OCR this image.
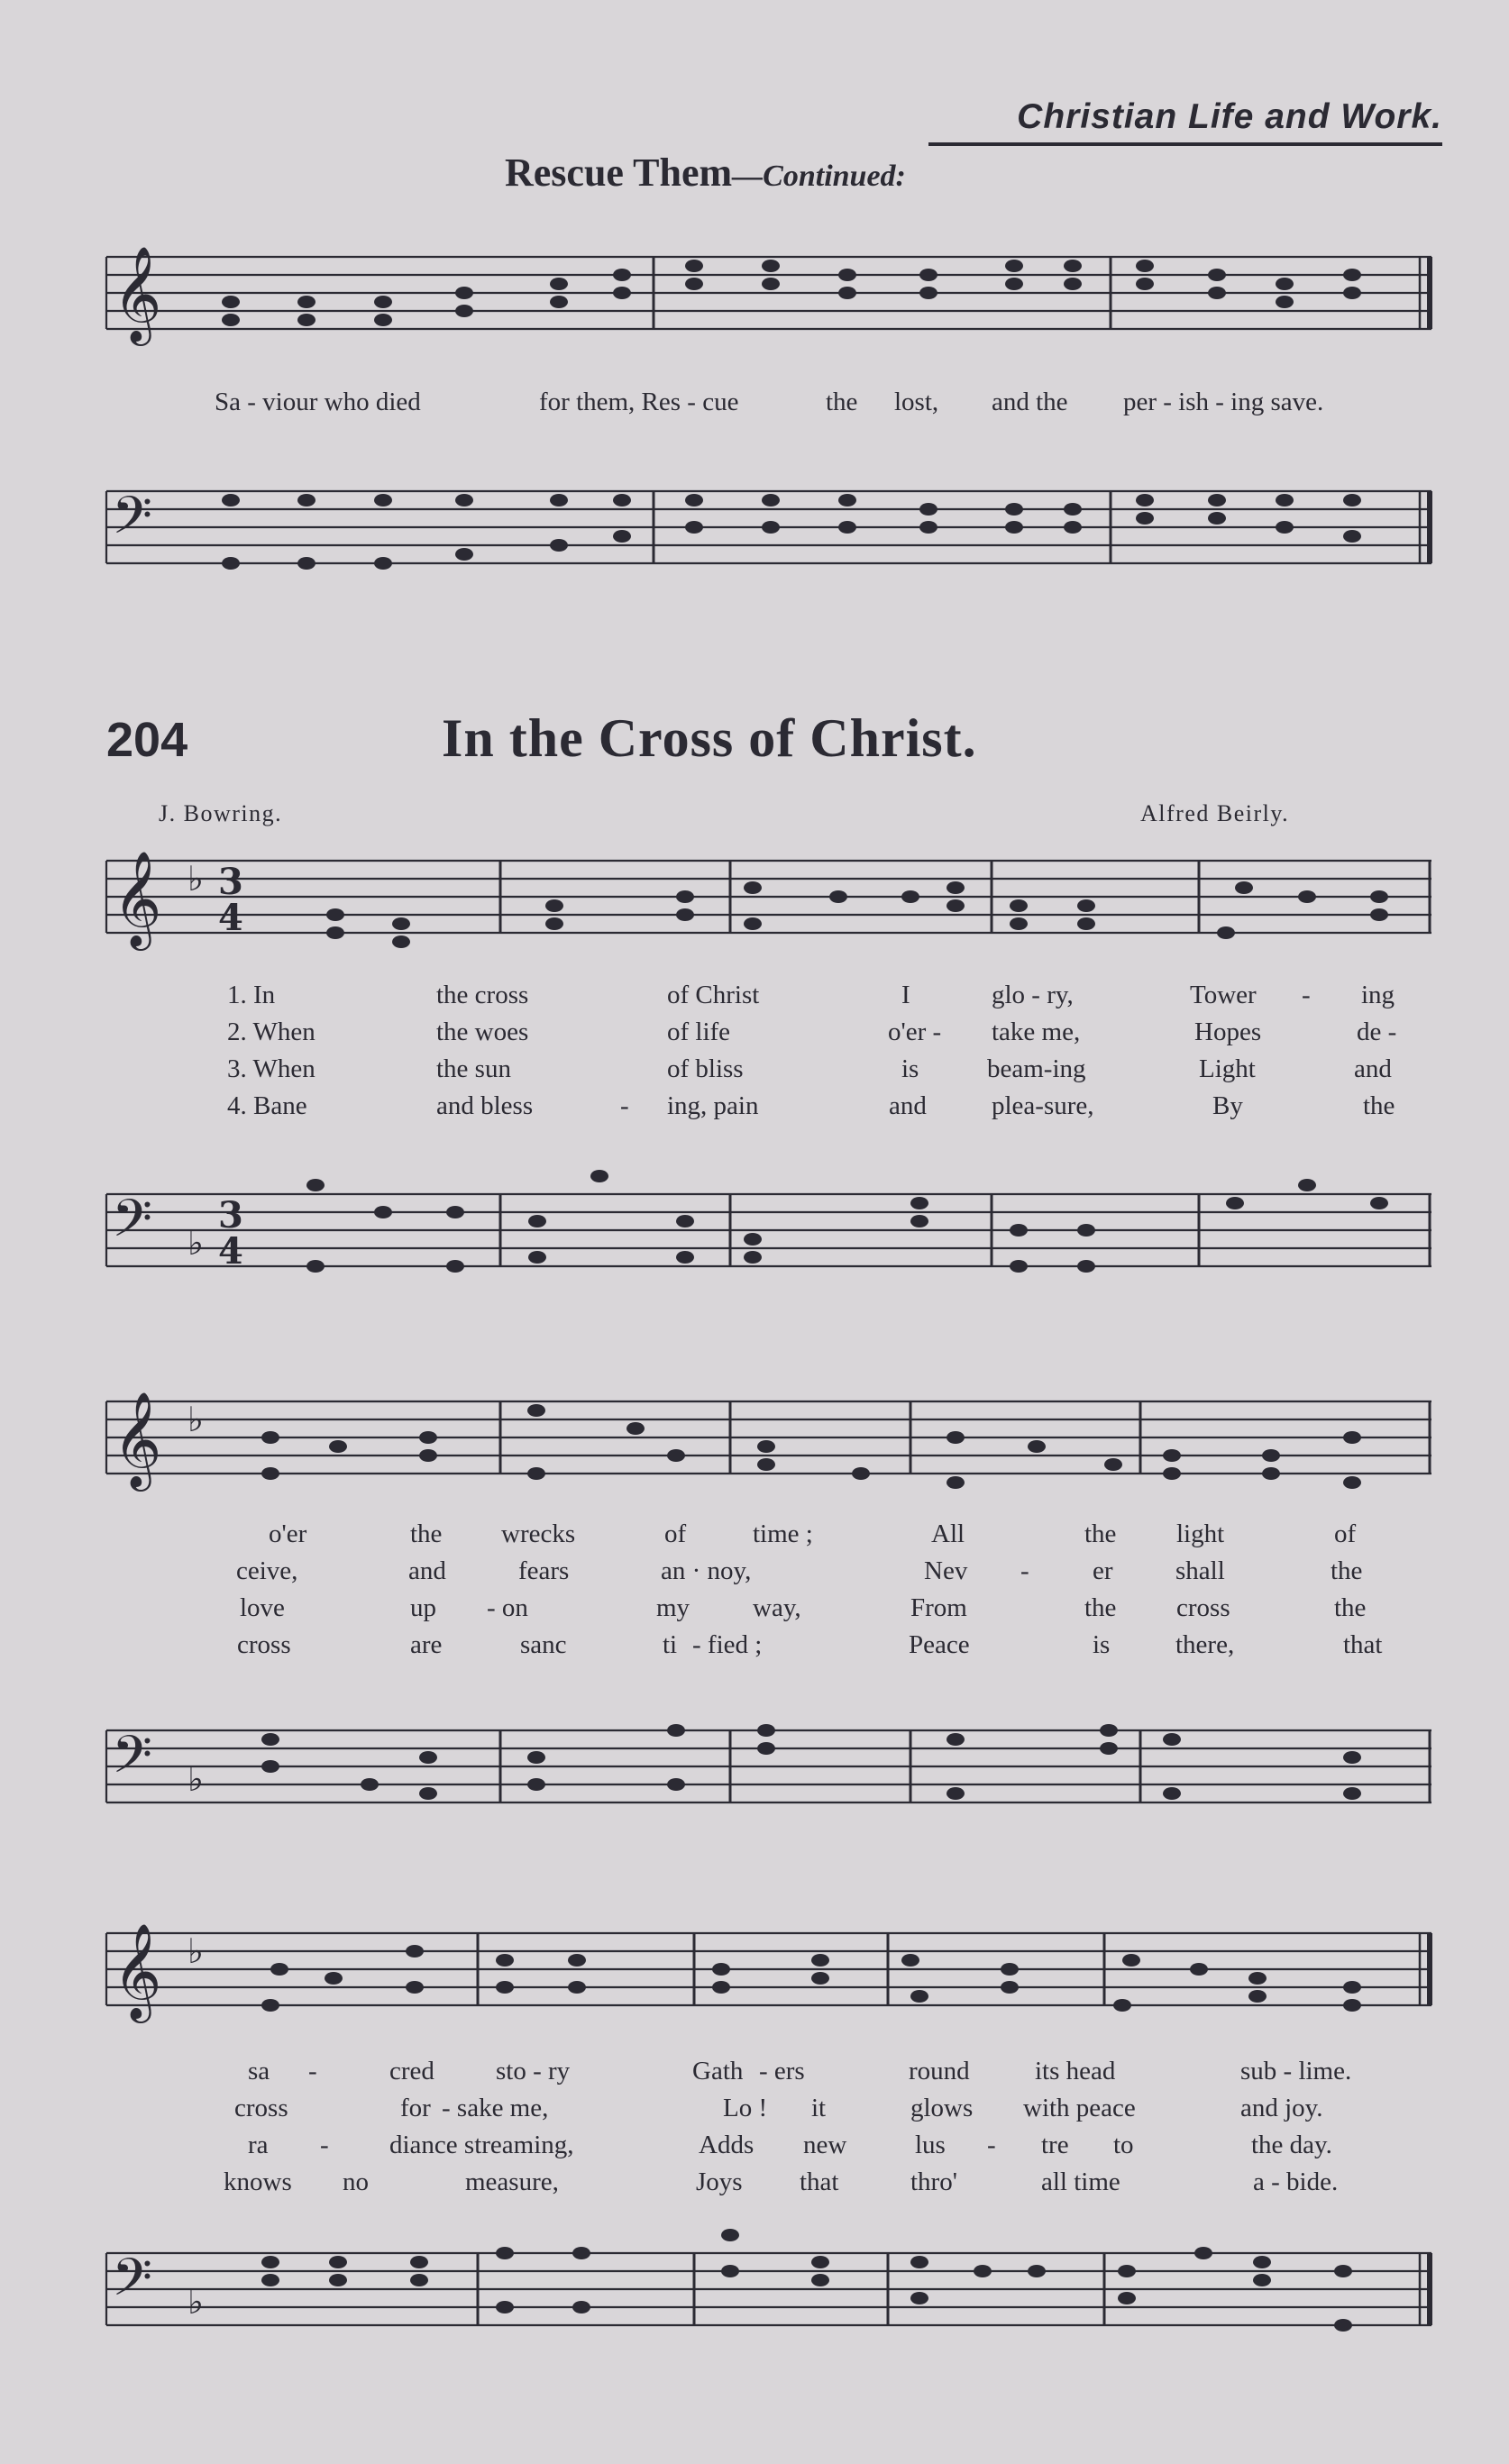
Christian Life and Work.
Rescue Them—Continued:
𝄞
Sa - viour who died	for them, Res - cue	the lost, and the per - ish - ing save.
𝄢
204	In the Cross of Christ.
J. Bowring.	Alfred Beirly.
𝄞 ♭ 3
4
1. In	the cross	of Christ	I	glo - ry,	Tower - ing
2. When	the woes	of life	o'er - take me,	Hopes	de -
3. When	the sun	of bliss	is	beam-ing	Light	and
4. Bane	and bless	- ing, pain	and plea-sure,	By	the
𝄢 ♭
3
4
𝄞 ♭
o'er	the wrecks	of	time ;	All	the light	of
ceive,	and	fears	an · noy,	Nev - er shall	the
love	up - on	my way,	From	the cross	the
cross	are	sanc	ti - fied ;	Peace	is	there,	that
𝄢 ♭
𝄞 ♭
sa -	cred sto - ry	Gath - ers	round its head	sub - lime.
cross	for - sake me,	Lo ! it	glows with peace	and joy.
ra - diance streaming,	Adds new	lus - tre to	the day.
knows no	measure,	Joys that	thro'	all time	a - bide.
𝄢 ♭
